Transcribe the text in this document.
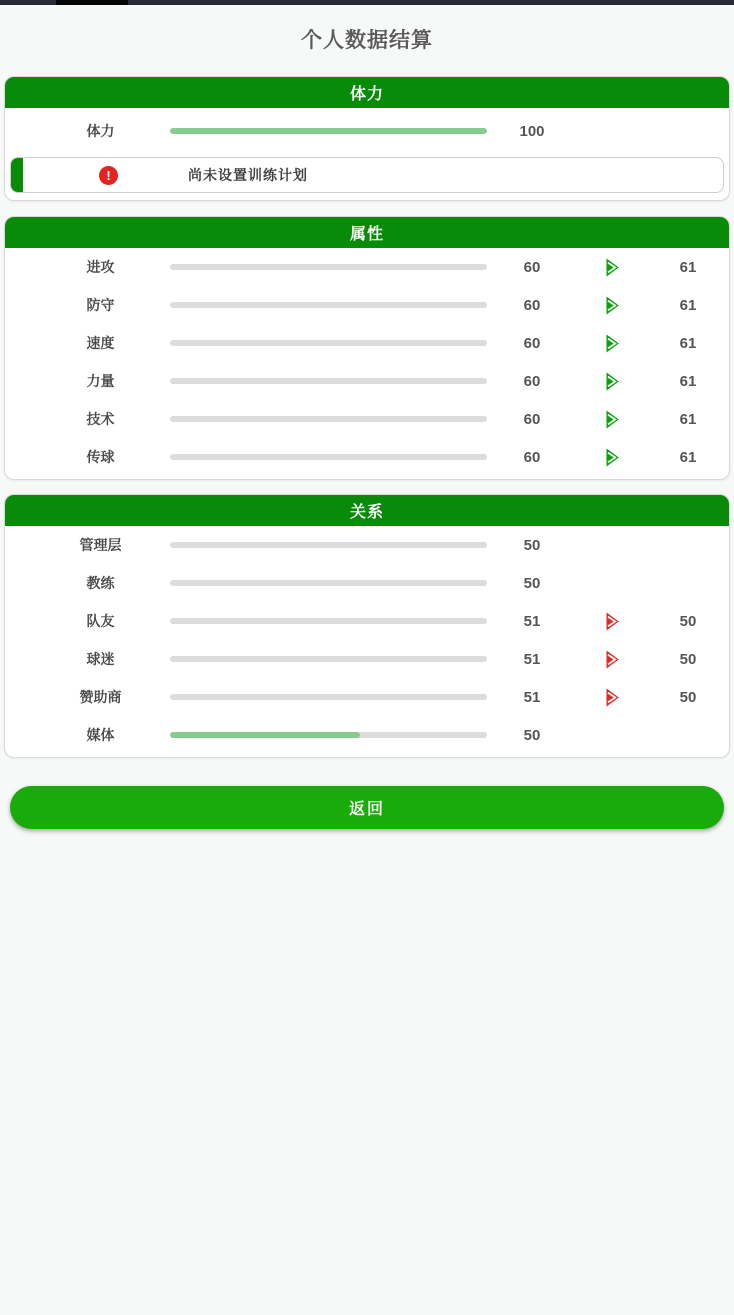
个人数据结算
体力
体力	100
!	尚未设置训练计划
属性
进攻	60	61
防守	60	61
速度	60	61
力量	60	61
技术	60	61
传球	60	61
关系
管理层	50
教练	50
队友	51	50
球迷	51	50
赞助商	51	50
媒体	50
返回
